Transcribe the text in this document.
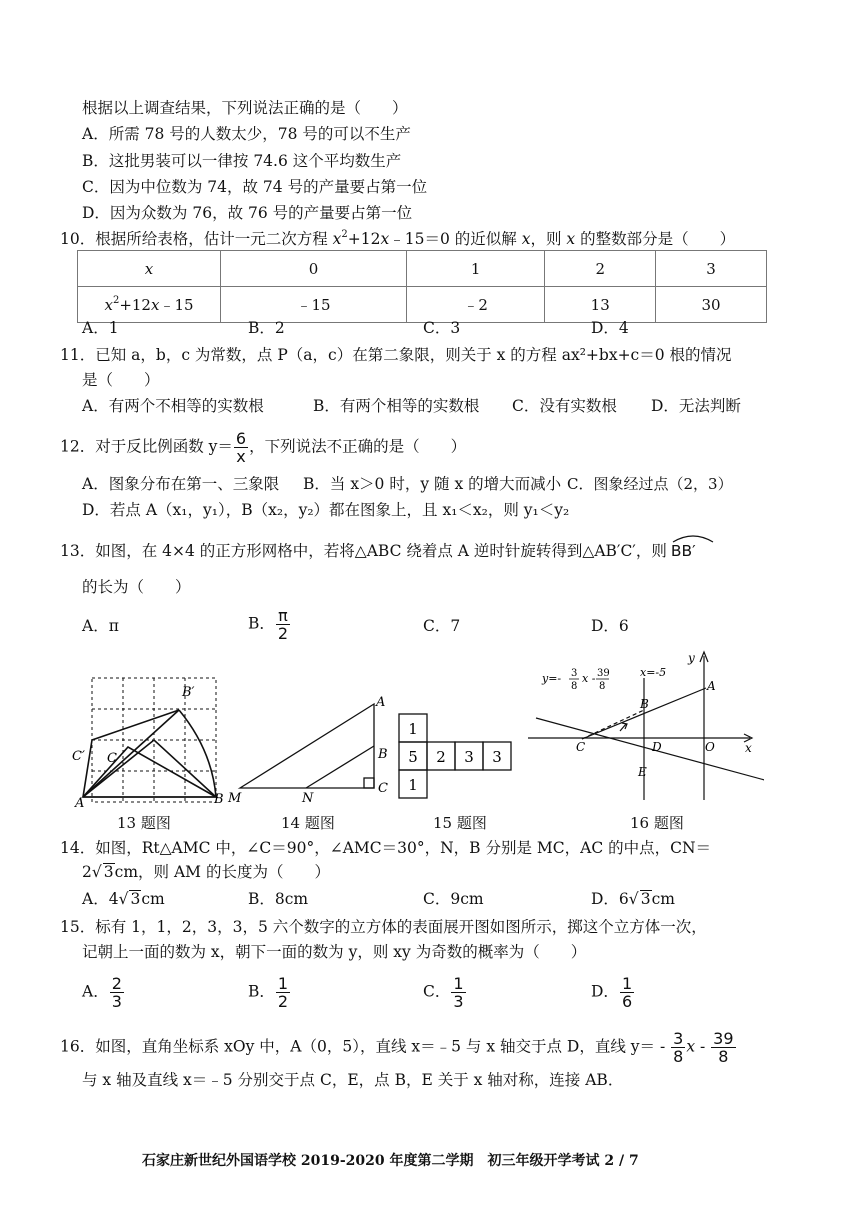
根据以上调查结果，下列说法正确的是（　　）
A．所需 78 号的人数太少，78 号的可以不生产
B．这批男装可以一律按 74.6 这个平均数生产
C．因为中位数为 74，故 74 号的产量要占第一位
D．因为众数为 76，故 76 号的产量要占第一位
10．根据所给表格，估计一元二次方程 $x^2+12x﹣15=0$ 的近似解 x，则 x 的整数部分是（　　）
x	0	1	2	3
$x^2+12x﹣15$	﹣15	﹣2	13	30
A．1	B．2	C．3	D．4
11．已知 a，b，c 为常数，点 P（a，c）在第二象限，则关于 x 的方程 ax²+bx+c＝0 根的情况
是（　　）
A．有两个不相等的实数根	B．有两个相等的实数根 C．没有实数根 D．无法判断
12．对于反比例函数 $y= \frac{6}{x}$ ，下列说法不正确的是（　　）
A．图象分布在第一、三象限 B．当 x＞0 时，y 随 x 的增大而减小 C．图象经过点（2，3）
D．若点 A（x₁，y₁），B（x₂，y₂）都在图象上，且 x₁＜x₂，则 y₁＜y₂
13．如图，在 4×4 的正方形网格中，若将△ABC 绕着点 A 逆时针旋转得到△AB′C′，则 BB′
的长为（　　）
A．π	B． $\frac{\pi}{2}$	C．7	D．6
B′
C′ C
A	B
A
B
C
M	N
1
5 2 3 3
1
y=- 3
8
x - 39
8
x=-5
y
x
A
B
C	D	O
E
13 题图	14 题图	15 题图	16 题图
14．如图，Rt△AMC 中，∠C＝90°，∠AMC＝30°，N，B 分别是 MC，AC 的中点，CN＝
2√ 3cm，则 AM 的长度为（　　）
A．4√ 3cm	B．8cm	C．9cm	D．6√ 3cm
15．标有 1，1，2，3，3，5 六个数字的立方体的表面展开图如图所示，掷这个立方体一次，
记朝上一面的数为 x，朝下一面的数为 y，则 xy 为奇数的概率为（　　）
A． $\frac{2}{3}$	B． $\frac{1}{2}$	C． $\frac{1}{3}$	D． $\frac{1}{6}$
16．如图，直角坐标系 xOy 中，A（0，5），直线 x＝﹣5 与 x 轴交于点 D，直线 $y= - \frac{3}{8}$ x - $\frac{39}{8}$
与 x 轴及直线 x＝﹣5 分别交于点 C，E，点 B，E 关于 x 轴对称，连接 AB．
石家庄新世纪外国语学校 2019-2020 年度第二学期　初三年级开学考试 2 / 7
